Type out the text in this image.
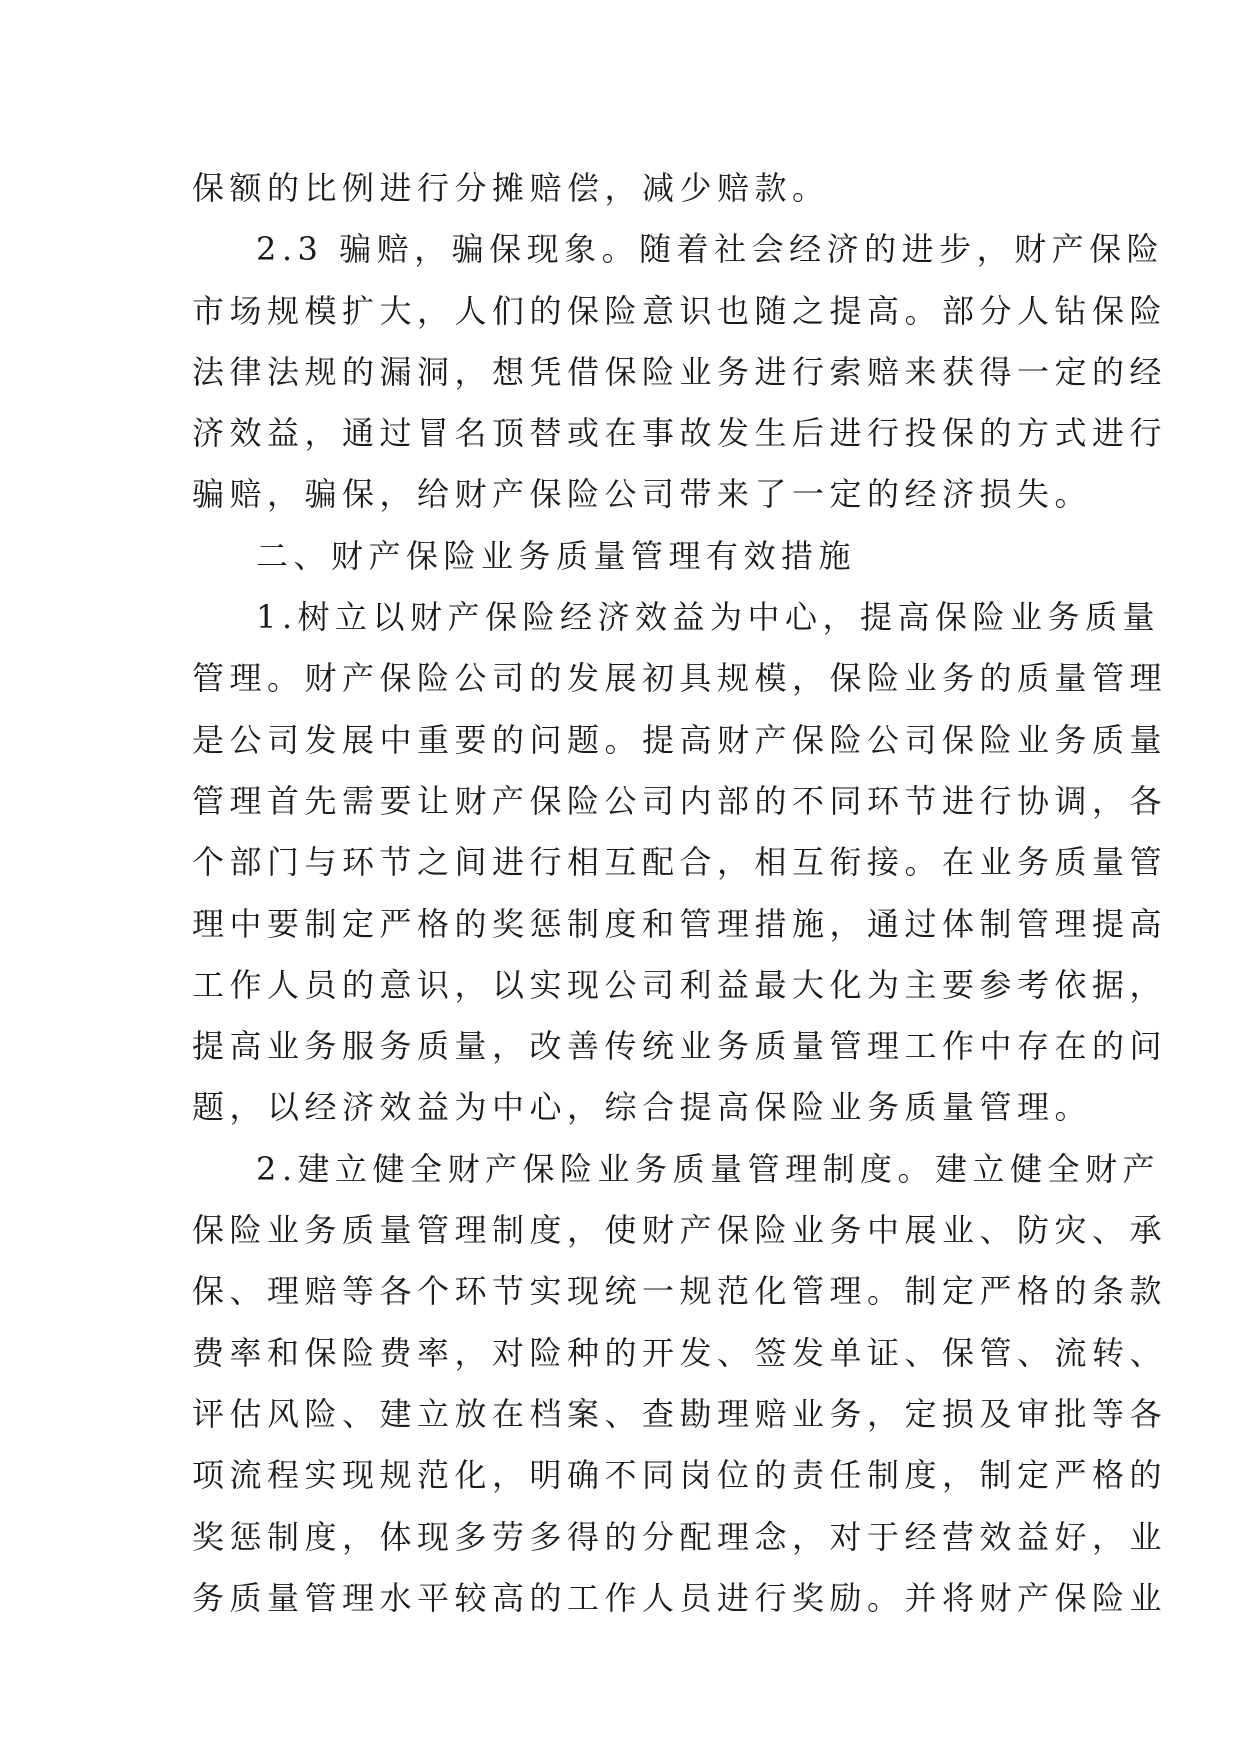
保额的比例进行分摊赔偿，减少赔款。
2.3 骗赔，骗保现象。随着社会经济的进步，财产保险
市场规模扩大，人们的保险意识也随之提高。部分人钻保险
法律法规的漏洞，想凭借保险业务进行索赔来获得一定的经
济效益，通过冒名顶替或在事故发生后进行投保的方式进行
骗赔，骗保，给财产保险公司带来了一定的经济损失。
二、财产保险业务质量管理有效措施
1.树立以财产保险经济效益为中心，提高保险业务质量
管理。财产保险公司的发展初具规模，保险业务的质量管理
是公司发展中重要的问题。提高财产保险公司保险业务质量
管理首先需要让财产保险公司内部的不同环节进行协调，各
个部门与环节之间进行相互配合，相互衔接。在业务质量管
理中要制定严格的奖惩制度和管理措施，通过体制管理提高
工作人员的意识，以实现公司利益最大化为主要参考依据，
提高业务服务质量，改善传统业务质量管理工作中存在的问
题，以经济效益为中心，综合提高保险业务质量管理。
2.建立健全财产保险业务质量管理制度。建立健全财产
保险业务质量管理制度，使财产保险业务中展业、防灾、承
保、理赔等各个环节实现统一规范化管理。制定严格的条款
费率和保险费率，对险种的开发、签发单证、保管、流转、
评估风险、建立放在档案、查勘理赔业务，定损及审批等各
项流程实现规范化，明确不同岗位的责任制度，制定严格的
奖惩制度，体现多劳多得的分配理念，对于经营效益好，业
务质量管理水平较高的工作人员进行奖励。并将财产保险业
